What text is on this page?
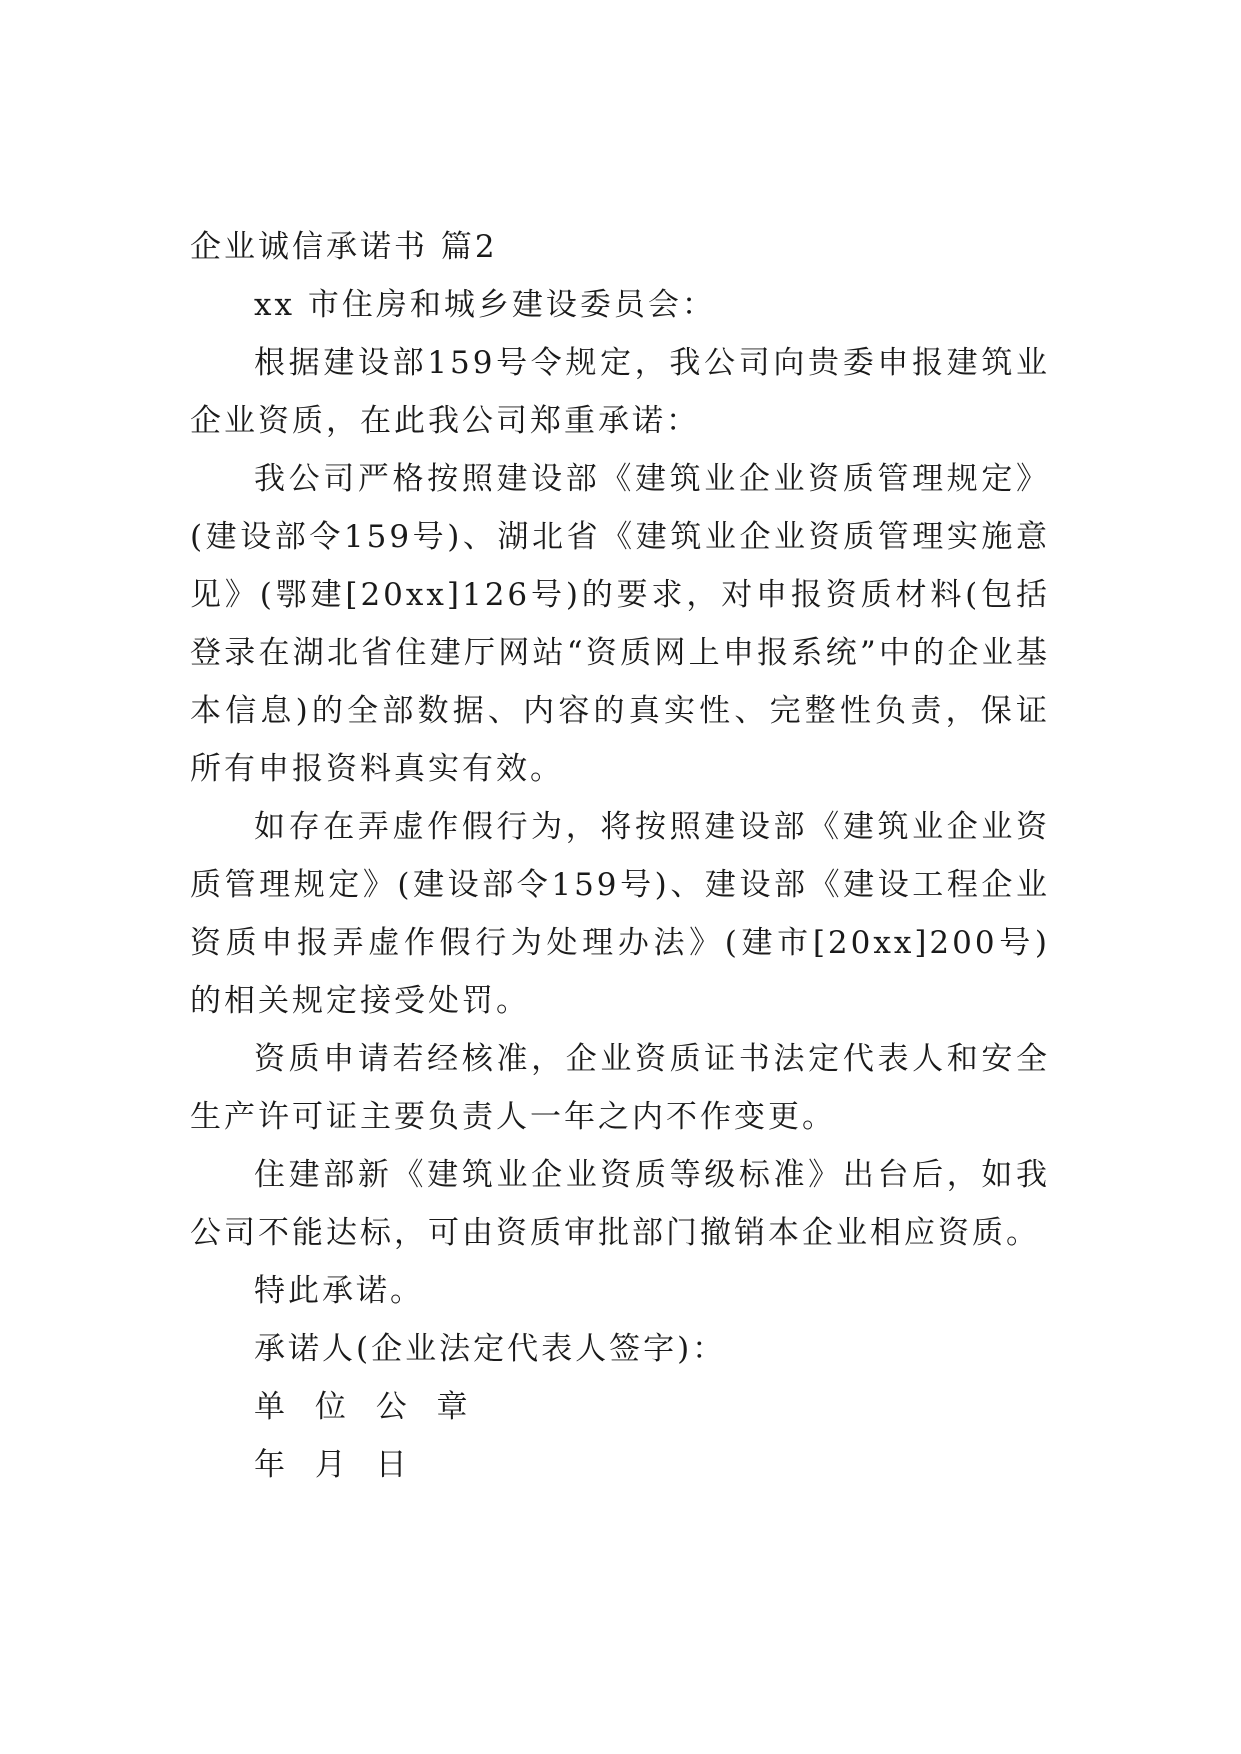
企业诚信承诺书 篇2

xx 市住房和城乡建设委员会：

根据建设部159号令规定，我公司向贵委申报建筑业企业资质，在此我公司郑重承诺：

我公司严格按照建设部《建筑业企业资质管理规定》(建设部令159号)、湖北省《建筑业企业资质管理实施意见》(鄂建[20xx]126号)的要求，对申报资质材料(包括登录在湖北省住建厅网站“资质网上申报系统”中的企业基本信息)的全部数据、内容的真实性、完整性负责，保证所有申报资料真实有效。

如存在弄虚作假行为，将按照建设部《建筑业企业资质管理规定》(建设部令159号)、建设部《建设工程企业资质申报弄虚作假行为处理办法》(建市[20xx]200号)的相关规定接受处罚。

资质申请若经核准，企业资质证书法定代表人和安全生产许可证主要负责人一年之内不作变更。

住建部新《建筑业企业资质等级标准》出台后，如我公司不能达标，可由资质审批部门撤销本企业相应资质。

特此承诺。

承诺人(企业法定代表人签字)：

单 位 公 章

年 月 日
